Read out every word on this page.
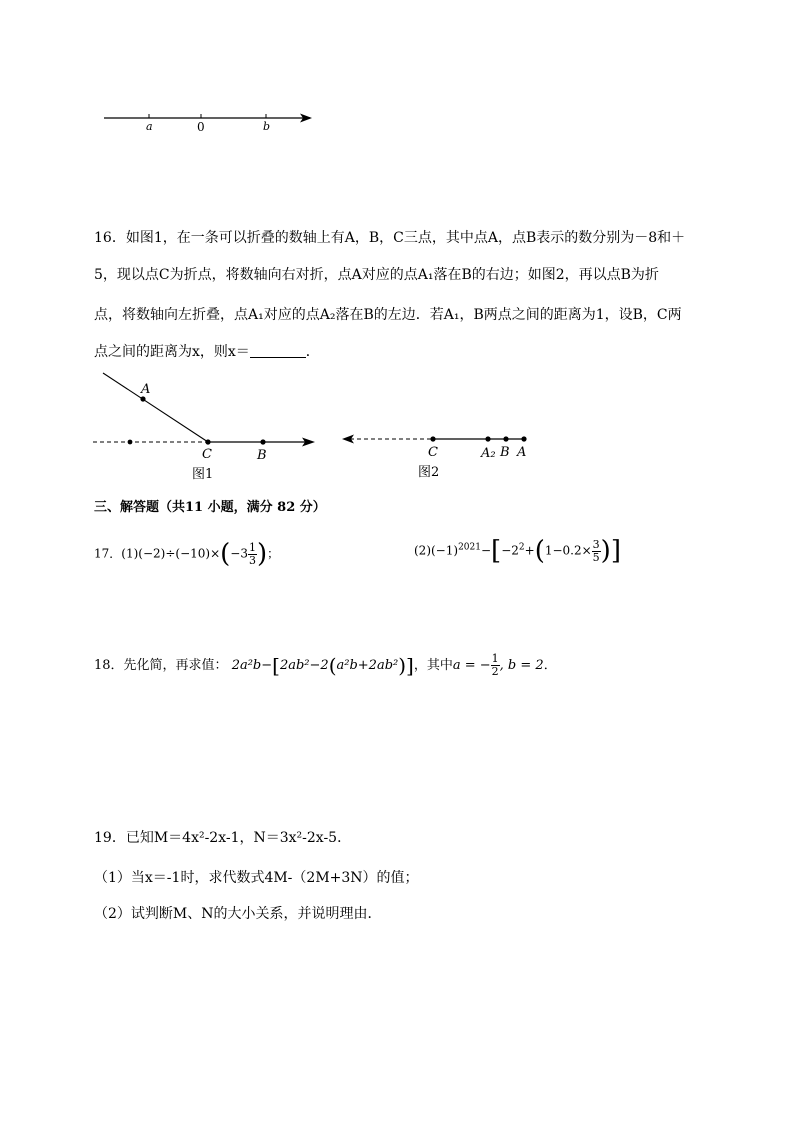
a	0	b
16．如图1，在一条可以折叠的数轴上有A，B，C三点，其中点A，点B表示的数分别为－8和＋
5，现以点C为折点，将数轴向右对折，点A对应的点A₁落在B的右边；如图2，再以点B为折
点，将数轴向左折叠，点A₁对应的点A₂落在B的左边．若A₁，B两点之间的距离为1，设B，C两
点之间的距离为x，则x＝	．
A
C	B
图1
C	A₂ B A
图2
三、解答题（共11 小题，满分 82 分）
17．$(1)(-2)\div(-10)\times(-3 \frac{1}{3}$ )；	$(2)(-1)^{2021}-[-2^2+(1-0.2\times \frac{3}{5}$ )]
18．先化简，再求值： 2a²b−[2ab²−2(a²b+2ab²)]，其中a = − $\frac{1}{2}$ , b = 2．
19．已知M＝4x²-2x-1，N＝3x²-2x-5．
（1）当x＝-1时，求代数式4M-（2M+3N）的值；
（2）试判断M、N的大小关系，并说明理由．
